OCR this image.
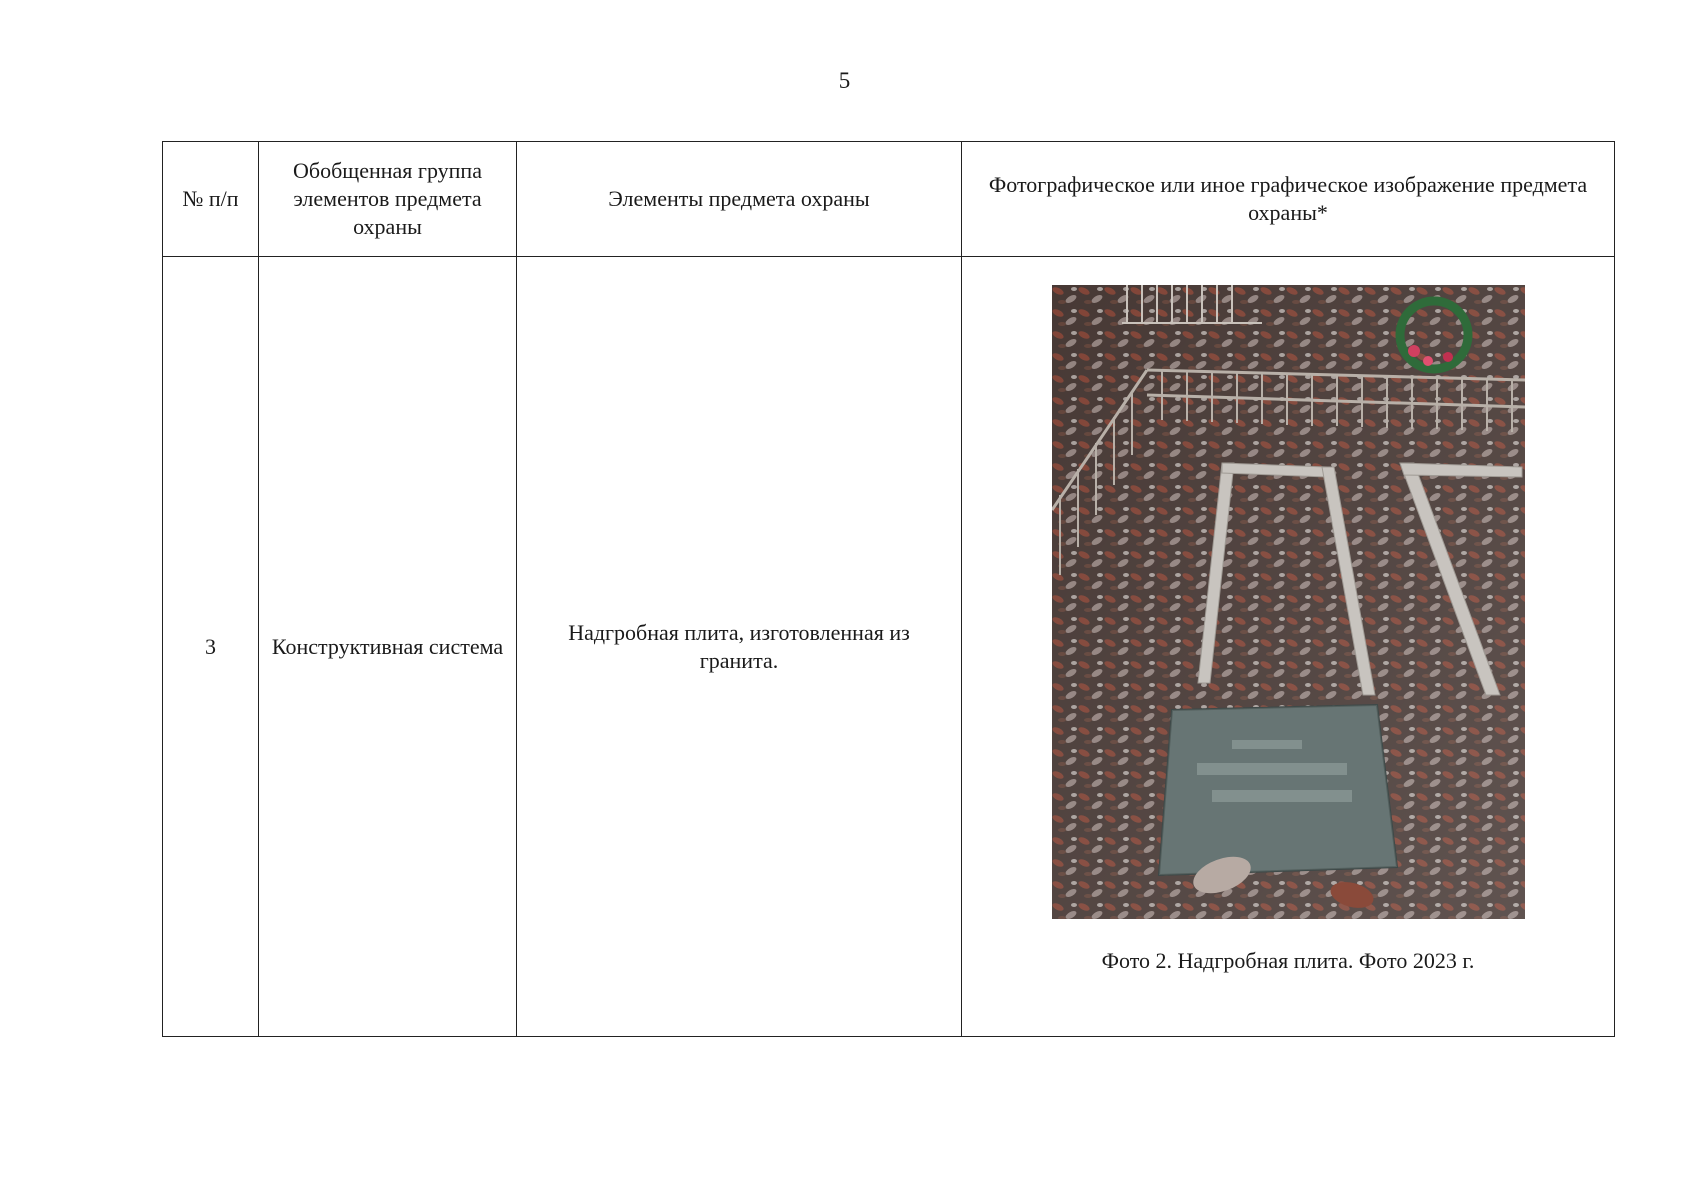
5
№ п/п	Обобщенная группа элементов предмета охраны	Элементы предмета охраны	Фотографическое или иное графическое изображение предмета охраны*
3	Конструктивная система	Надгробная плита, изготовленная из гранита.	Фото 2. Надгробная плита. Фото 2023 г.
